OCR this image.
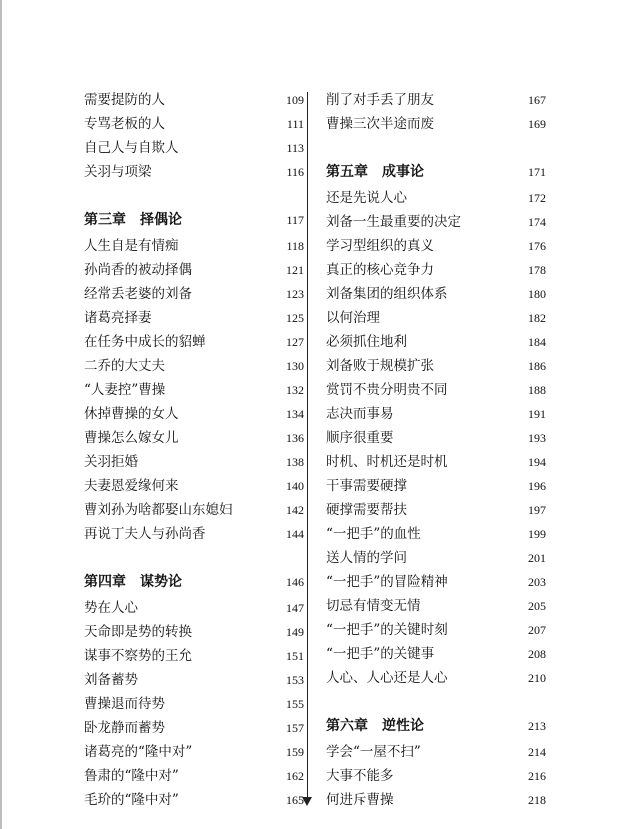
需要提防的人	109
专骂老板的人	111
自己人与自欺人	113
关羽与项梁	116
第三章　择偶论	117
人生自是有情痴	118
孙尚香的被动择偶	121
经常丢老婆的刘备	123
诸葛亮择妻	125
在任务中成长的貂蝉	127
二乔的大丈夫	130
“人妻控”曹操	132
休掉曹操的女人	134
曹操怎么嫁女儿	136
关羽拒婚	138
夫妻恩爱缘何来	140
曹刘孙为啥都娶山东媳妇	142
再说丁夫人与孙尚香	144
第四章　谋势论	146
势在人心	147
天命即是势的转换	149
谋事不察势的王允	151
刘备蓄势	153
曹操退而待势	155
卧龙静而蓄势	157
诸葛亮的“隆中对”	159
鲁肃的“隆中对”	162
毛玠的“隆中对”	165
削了对手丢了朋友	167
曹操三次半途而废	169
第五章　成事论	171
还是先说人心	172
刘备一生最重要的决定	174
学习型组织的真义	176
真正的核心竞争力	178
刘备集团的组织体系	180
以何治理	182
必须抓住地利	184
刘备败于规模扩张	186
赏罚不贵分明贵不同	188
志决而事易	191
顺序很重要	193
时机、时机还是时机	194
干事需要硬撑	196
硬撑需要帮扶	197
“一把手”的血性	199
送人情的学问	201
“一把手”的冒险精神	203
切忌有情变无情	205
“一把手”的关键时刻	207
“一把手”的关键事	208
人心、人心还是人心	210
第六章　逆性论	213
学会“一屋不扫”	214
大事不能多	216
何进斥曹操	218
